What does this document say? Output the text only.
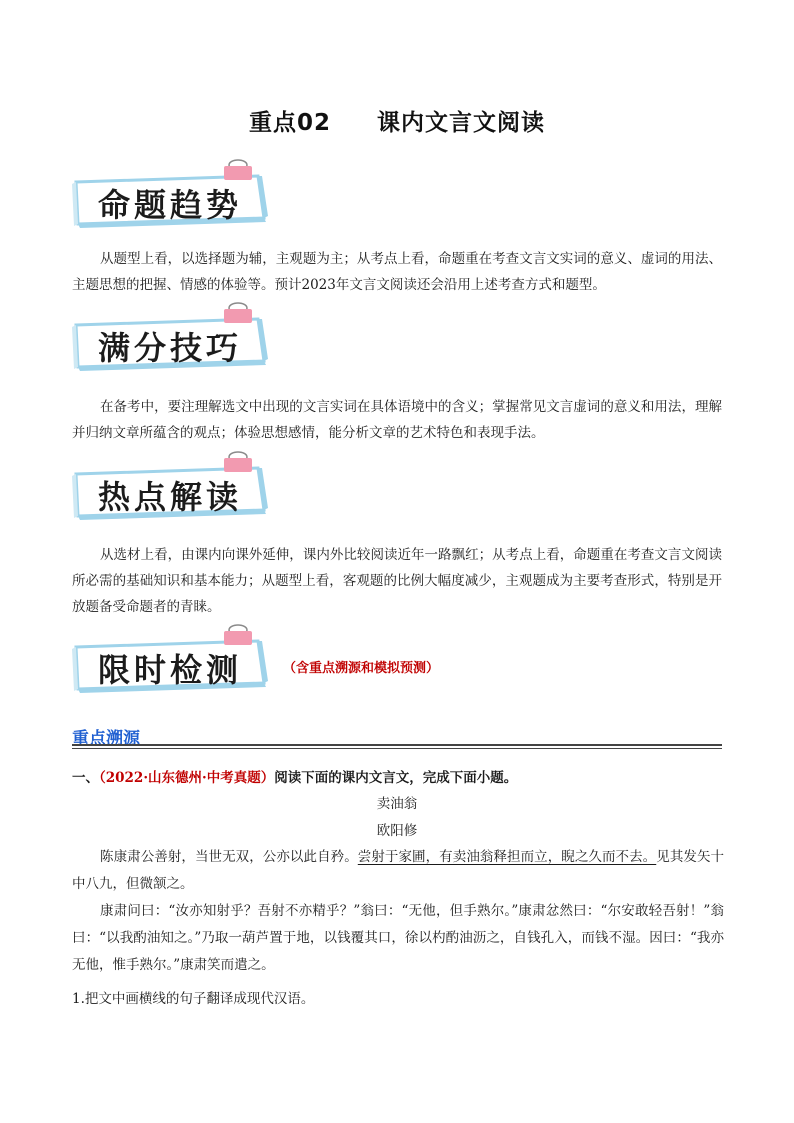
重点02 课内文言文阅读
命题趋势
从题型上看，以选择题为辅，主观题为主；从考点上看，命题重在考查文言文实词的意义、虚词的用法、主题思想的把握、情感的体验等。预计2023年文言文阅读还会沿用上述考查方式和题型。
满分技巧
在备考中，要注理解选文中出现的文言实词在具体语境中的含义；掌握常见文言虚词的意义和用法，理解并归纳文章所蕴含的观点；体验思想感情，能分析文章的艺术特色和表现手法。
热点解读
从选材上看，由课内向课外延伸，课内外比较阅读近年一路飘红；从考点上看，命题重在考查文言文阅读所必需的基础知识和基本能力；从题型上看，客观题的比例大幅度减少，主观题成为主要考查形式，特别是开放题备受命题者的青睐。
限时检测	（含重点溯源和模拟预测）
重点溯源
一、（2022·山东德州·中考真题）阅读下面的课内文言文，完成下面小题。
卖油翁
欧阳修
陈康肃公善射，当世无双，公亦以此自矜。尝射于家圃，有卖油翁释担而立，睨之久而不去。见其发矢十中八九，但微颔之。
康肃问曰：“汝亦知射乎？吾射不亦精乎？”翁曰：“无他，但手熟尔。”康肃忿然曰：“尔安敢轻吾射！”翁曰：“以我酌油知之。”乃取一葫芦置于地，以钱覆其口，徐以杓酌油沥之，自钱孔入，而钱不湿。因曰：“我亦无他，惟手熟尔。”康肃笑而遣之。
1.把文中画横线的句子翻译成现代汉语。
